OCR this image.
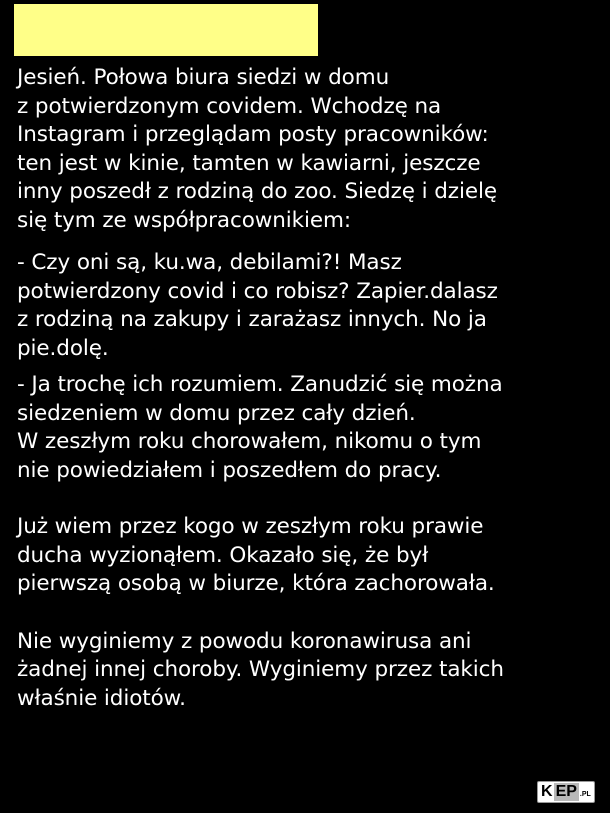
Jesień. Połowa biura siedzi w domu
z potwierdzonym covidem. Wchodzę na
Instagram i przeglądam posty pracowników:
ten jest w kinie, tamten w kawiarni, jeszcze
inny poszedł z rodziną do zoo. Siedzę i dzielę
się tym ze współpracownikiem:

- Czy oni są, ku.wa, debilami?! Masz
potwierdzony covid i co robisz? Zapier.dalasz
z rodziną na zakupy i zarażasz innych. No ja
pie.dolę.

- Ja trochę ich rozumiem. Zanudzić się można
siedzeniem w domu przez cały dzień.
W zeszłym roku chorowałem, nikomu o tym
nie powiedziałem i poszedłem do pracy.

Już wiem przez kogo w zeszłym roku prawie
ducha wyzionąłem. Okazało się, że był
pierwszą osobą w biurze, która zachorowała.

Nie wyginiemy z powodu koronawirusa ani
żadnej innej choroby. Wyginiemy przez takich
właśnie idiotów.

K EP .PL
